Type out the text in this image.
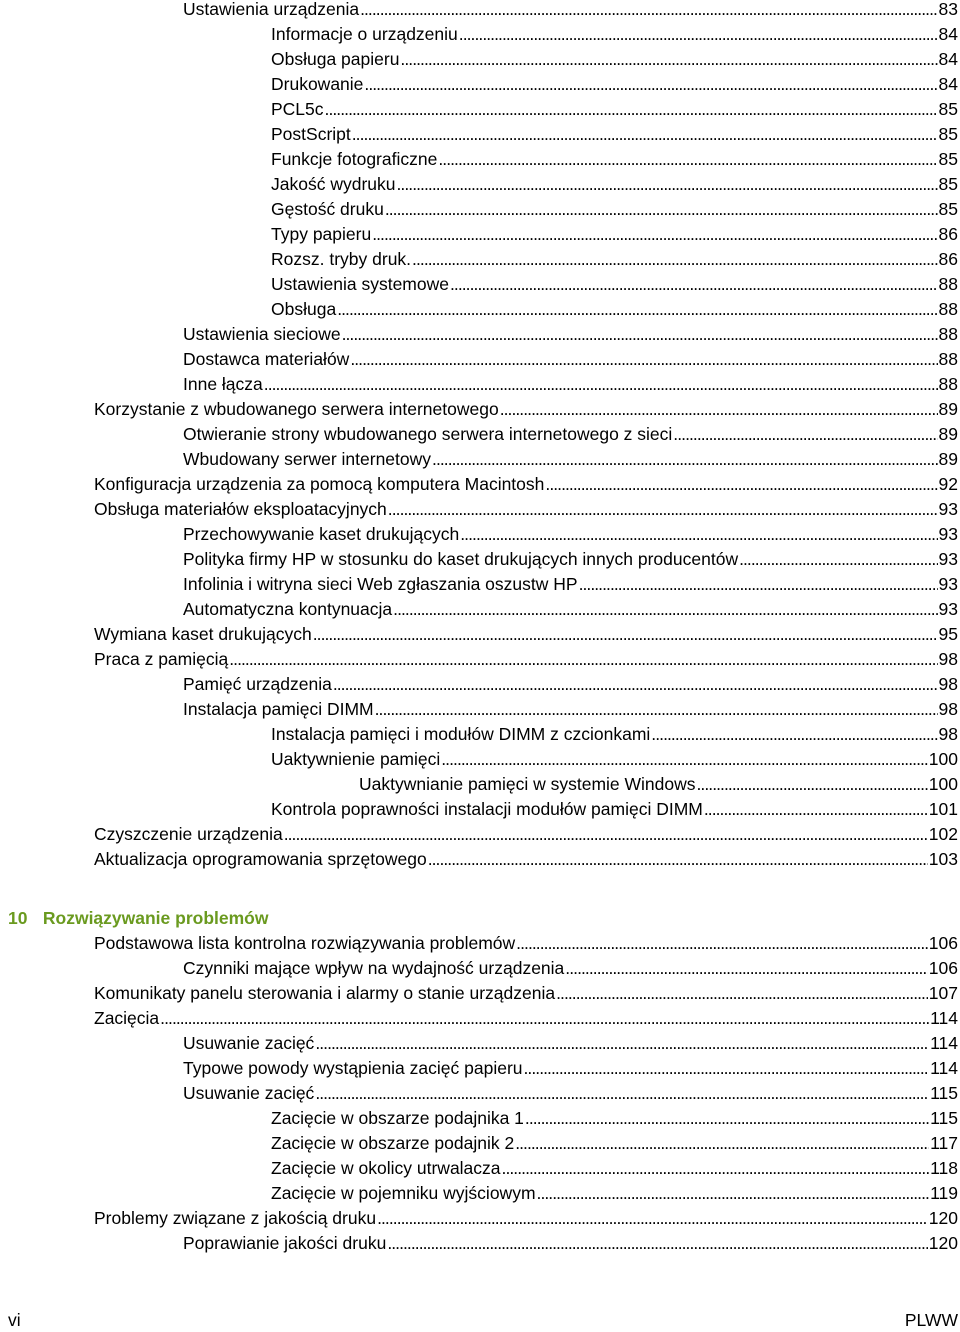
Ustawienia urządzenia . . .	83
Informacje o urządzeniu . . .	84
Obsługa papieru . . .	84
Drukowanie . . .	84
PCL5c . . .	85
PostScript . . .	85
Funkcje fotograficzne . . .	85
Jakość wydruku . . .	85
Gęstość druku . . .	85
Typy papieru . . .	86
Rozsz. tryby druk. . . .	86
Ustawienia systemowe . . .	88
Obsługa . . .	88
Ustawienia sieciowe . . .	88
Dostawca materiałów . . .	88
Inne łącza . . .	88
Korzystanie z wbudowanego serwera internetowego . . .	89
Otwieranie strony wbudowanego serwera internetowego z sieci . . .	89
Wbudowany serwer internetowy . . .	89
Konfiguracja urządzenia za pomocą komputera Macintosh . . .	92
Obsługa materiałów eksploatacyjnych . . .	93
Przechowywanie kaset drukujących . . .	93
Polityka firmy HP w stosunku do kaset drukujących innych producentów . . .	93
Infolinia i witryna sieci Web zgłaszania oszustw HP . . .	93
Automatyczna kontynuacja . . .	93
Wymiana kaset drukujących . . .	95
Praca z pamięcią . . .	98
Pamięć urządzenia . . .	98
Instalacja pamięci DIMM . . .	98
Instalacja pamięci i modułów DIMM z czcionkami . . .	98
Uaktywnienie pamięci . . .	100
Uaktywnianie pamięci w systemie Windows . . .	100
Kontrola poprawności instalacji modułów pamięci DIMM . . .	101
Czyszczenie urządzenia . . .	102
Aktualizacja oprogramowania sprzętowego . . .	103
10 Rozwiązywanie problemów
Podstawowa lista kontrolna rozwiązywania problemów . . .	106
Czynniki mające wpływ na wydajność urządzenia . . .	106
Komunikaty panelu sterowania i alarmy o stanie urządzenia . . .	107
Zacięcia . . .	114
Usuwanie zacięć . . .	114
Typowe powody wystąpienia zacięć papieru . . .	114
Usuwanie zacięć . . .	115
Zacięcie w obszarze podajnika 1 . . .	115
Zacięcie w obszarze podajnik 2 . . .	117
Zacięcie w okolicy utrwalacza . . .	118
Zacięcie w pojemniku wyjściowym . . .	119
Problemy związane z jakością druku . . .	120
Poprawianie jakości druku . . .	120
vi	PLWW
